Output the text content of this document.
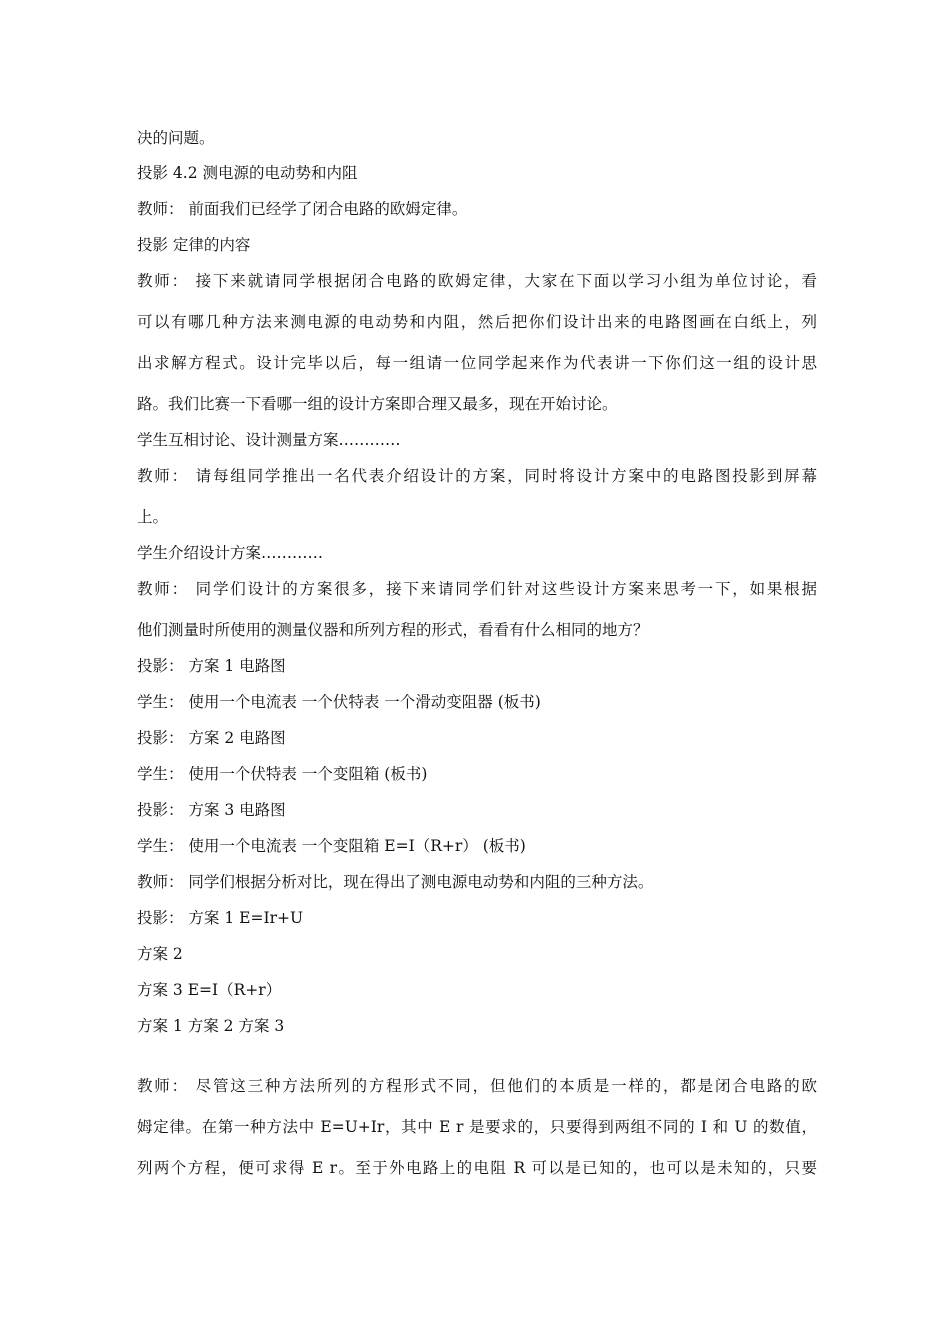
决的问题。
投影 4.2 测电源的电动势和内阻
教师： 前面我们已经学了闭合电路的欧姆定律。
投影 定律的内容
教师： 接下来就请同学根据闭合电路的欧姆定律，大家在下面以学习小组为单位讨论，看
可以有哪几种方法来测电源的电动势和内阻，然后把你们设计出来的电路图画在白纸上，列
出求解方程式。设计完毕以后，每一组请一位同学起来作为代表讲一下你们这一组的设计思
路。我们比赛一下看哪一组的设计方案即合理又最多，现在开始讨论。
学生互相讨论、设计测量方案…………
教师： 请每组同学推出一名代表介绍设计的方案，同时将设计方案中的电路图投影到屏幕
上。
学生介绍设计方案…………
教师： 同学们设计的方案很多，接下来请同学们针对这些设计方案来思考一下，如果根据
他们测量时所使用的测量仪器和所列方程的形式，看看有什么相同的地方？
投影： 方案 1 电路图
学生： 使用一个电流表 一个伏特表 一个滑动变阻器 (板书)
投影： 方案 2 电路图
学生： 使用一个伏特表 一个变阻箱 (板书)
投影： 方案 3 电路图
学生： 使用一个电流表 一个变阻箱 E=I（R+r） (板书)
教师： 同学们根据分析对比，现在得出了测电源电动势和内阻的三种方法。
投影： 方案 1 E=Ir+U
方案 2
方案 3 E=I（R+r）
方案 1 方案 2 方案 3
教师： 尽管这三种方法所列的方程形式不同，但他们的本质是一样的，都是闭合电路的欧
姆定律。在第一种方法中 E=U+Ir，其中 E r 是要求的，只要得到两组不同的 I 和 U 的数值，
列两个方程，便可求得 E r。至于外电路上的电阻 R 可以是已知的，也可以是未知的，只要
